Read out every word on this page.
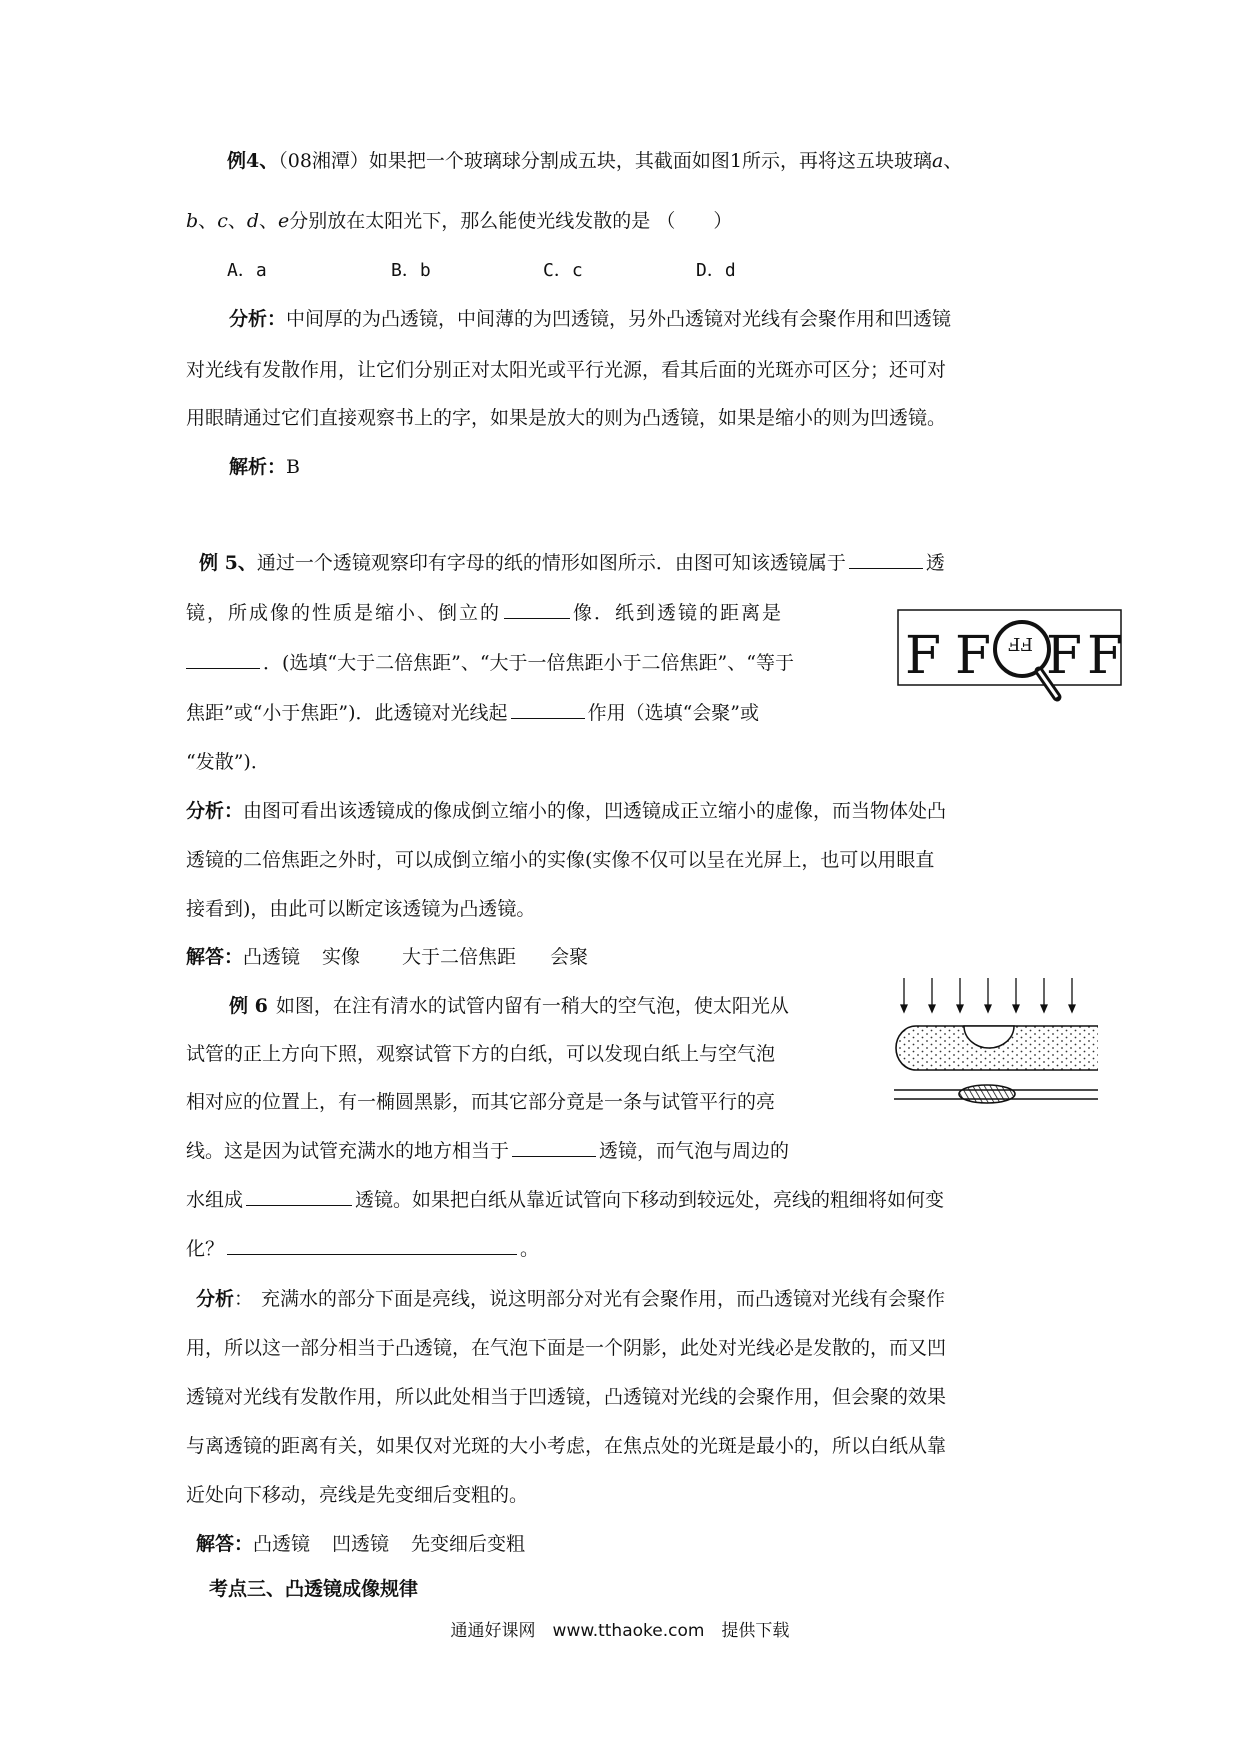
例4、（08湘潭）如果把一个玻璃球分割成五块，其截面如图1所示，再将这五块玻璃a、
b、c、d、e分别放在太阳光下，那么能使光线发散的是 （　　）
A．a	B．b	C．c	D．d
分析：中间厚的为凸透镜，中间薄的为凹透镜，另外凸透镜对光线有会聚作用和凹透镜
对光线有发散作用，让它们分别正对太阳光或平行光源，看其后面的光斑亦可区分；还可对
用眼睛通过它们直接观察书上的字，如果是放大的则为凸透镜，如果是缩小的则为凹透镜。
解析：B
例 5、通过一个透镜观察印有字母的纸的情形如图所示．由图可知该透镜属于	透
镜，所成像的性质是缩小、倒立的	像．纸到透镜的距离是
．(选填“大于二倍焦距”、“大于一倍焦距小于二倍焦距”、“等于
焦距”或“小于焦距”)．此透镜对光线起	作用（选填“会聚”或
“发散”)．
F F FF F F
分析：由图可看出该透镜成的像成倒立缩小的像，凹透镜成正立缩小的虚像，而当物体处凸
透镜的二倍焦距之外时，可以成倒立缩小的实像(实像不仅可以呈在光屏上，也可以用眼直
接看到)，由此可以断定该透镜为凸透镜。
解答：凸透镜 实像 大于二倍焦距 会聚
例 6 如图，在注有清水的试管内留有一稍大的空气泡，使太阳光从
试管的正上方向下照，观察试管下方的白纸，可以发现白纸上与空气泡
相对应的位置上，有一椭圆黑影，而其它部分竟是一条与试管平行的亮
线。这是因为试管充满水的地方相当于	透镜，而气泡与周边的
水组成	透镜。如果把白纸从靠近试管向下移动到较远处，亮线的粗细将如何变
化？	。
分析： 充满水的部分下面是亮线，说这明部分对光有会聚作用，而凸透镜对光线有会聚作
用，所以这一部分相当于凸透镜，在气泡下面是一个阴影，此处对光线必是发散的，而又凹
透镜对光线有发散作用，所以此处相当于凹透镜，凸透镜对光线的会聚作用，但会聚的效果
与离透镜的距离有关，如果仅对光斑的大小考虑，在焦点处的光斑是最小的，所以白纸从靠
近处向下移动，亮线是先变细后变粗的。
解答：凸透镜 凹透镜 先变细后变粗
考点三、凸透镜成像规律
通通好课网　www.tthaoke.com　提供下载
